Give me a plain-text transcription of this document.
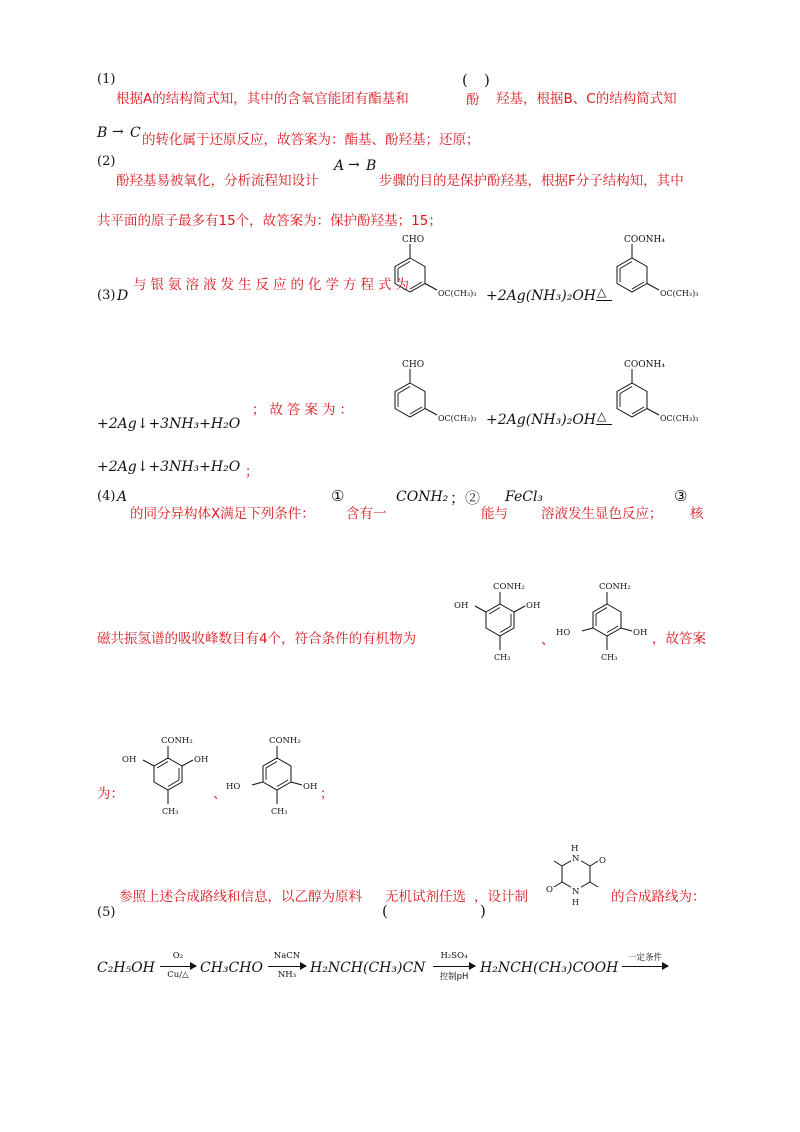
(1)
根据A的结构简式知，其中的含氧官能团有酯基和
( )
酚 羟基，根据B、C的结构简式知
B → C 的转化属于还原反应，故答案为：酯基、酚羟基；还原；
(2)
酚羟基易被氧化，分析流程知设计
A → B
步骤的目的是保护酚羟基，根据F分子结构知，其中
共平面的原子最多有15个，故答案为：保护酚羟基；15；
(3) D
与银氨溶液发生反应的化学方程式为
CHO
OC(CH₃)₃ +2Ag(NH₃)₂OH △
COONH₄
OC(CH₃)₃
+2Ag↓+3NH₃+H₂O
；故答案为：
CHO
OC(CH₃)₃ +2Ag(NH₃)₂OH △
COONH₄
OC(CH₃)₃
+2Ag↓+3NH₃+H₂O ；
(4) A
的同分异构体X满足下列条件：
①
含有一
CONH₂ ；②
能与
FeCl₃
溶液发生显色反应；
③
核
磁共振氢谱的吸收峰数目有4个，符合条件的有机物为
CONH₂
OH	OH
CH₃
、
CONH₂
HO	OH
CH₃
，故答案
为：
CONH₂
OH	OH
CH₃
、
CONH₂
HO	OH
CH₃
；
参照上述合成路线和信息，以乙醇为原料 无机试剂任选 ，设计制
(5)	(	)
N
H
N
H
O
O	的合成路线为：
C₂H₅OH
O₂
Cu/△ CH₃CHO
NaCN
NH₃ H₂NCH(CH₃)CN
H₂SO₄
控制pH
H₂NCH(CH₃)COOH
一定条件
